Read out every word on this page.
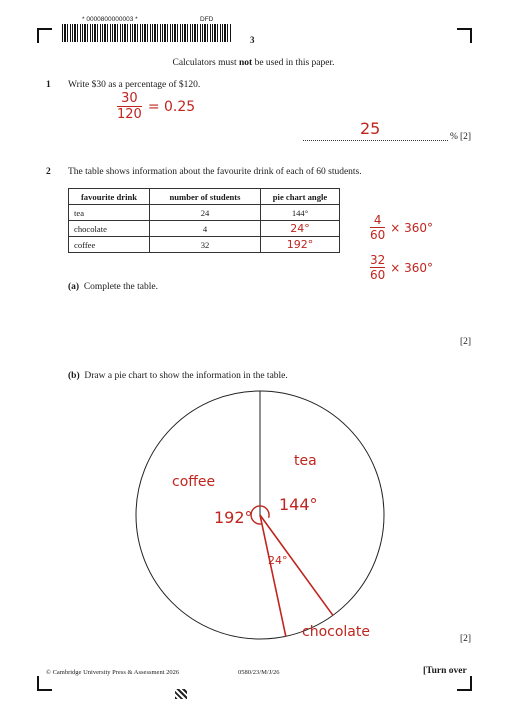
* 0000800000003 *	DFD
3
Calculators must not be used in this paper.
1 Write $30 as a percentage of $120.
$\frac{30}{120} = 0.25$
25	% [2]
2 The table shows information about the favourite drink of each of 60 students.
favourite drink	number of students	pie chart angle
tea	24	144°
chocolate	4	24°
coffee	32	192°
$\frac{4}{60} \times 360^\circ$
$\frac{32}{60} \times 360^\circ$
(a) Complete the table.
[2]
(b) Draw a pie chart to show the information in the table.
tea
coffee
chocolate
144°
192°
24°
[2]
© Cambridge University Press & Assessment 2026	0580/23/M/J/26	[Turn over
